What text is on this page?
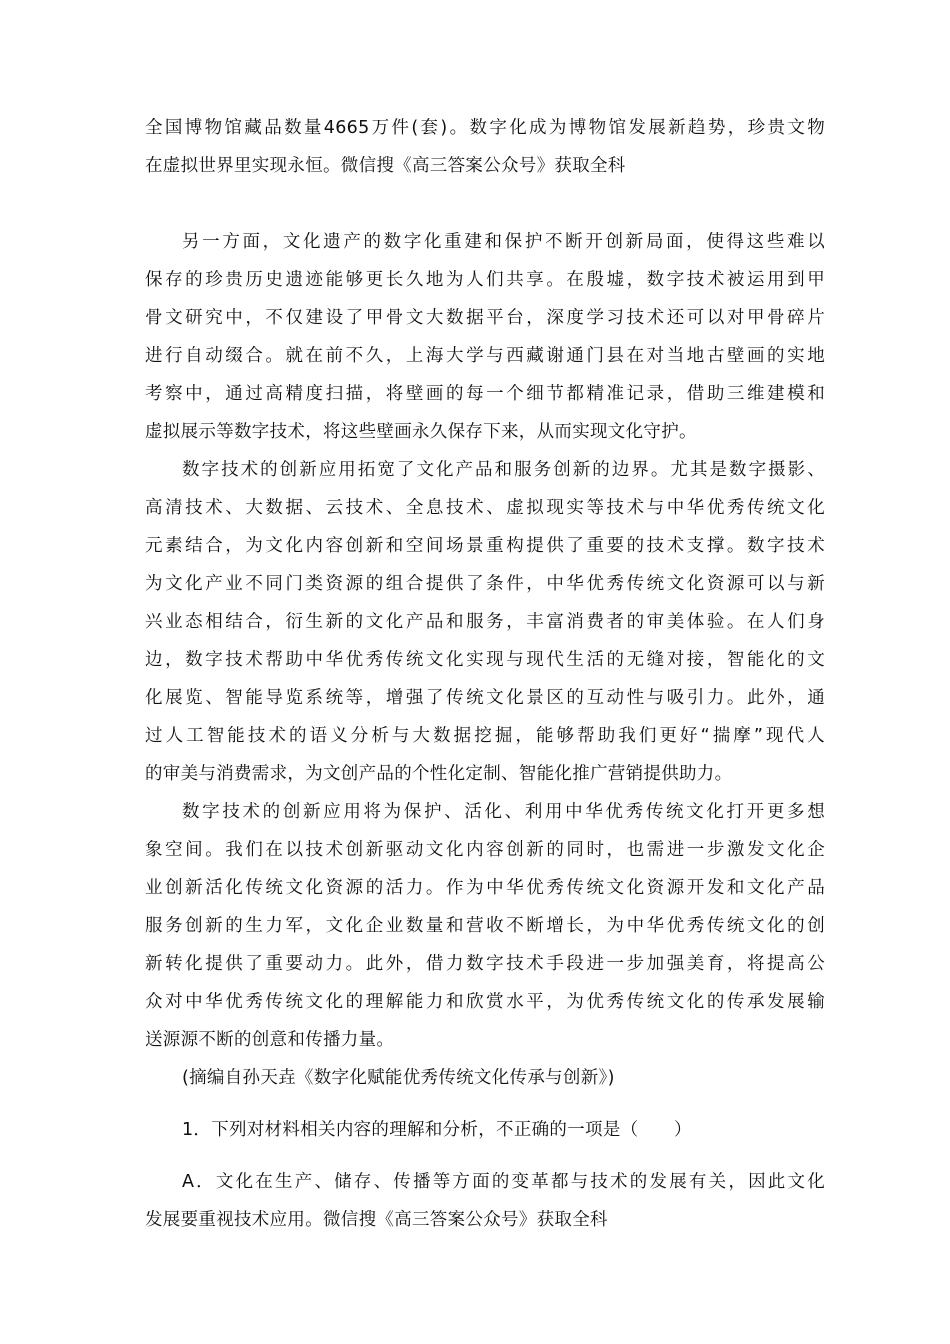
全国博物馆藏品数量4665万件(套)。数字化成为博物馆发展新趋势，珍贵文物
在虚拟世界里实现永恒。微信搜《高三答案公众号》获取全科
另一方面，文化遗产的数字化重建和保护不断开创新局面，使得这些难以
保存的珍贵历史遗迹能够更长久地为人们共享。在殷墟，数字技术被运用到甲
骨文研究中，不仅建设了甲骨文大数据平台，深度学习技术还可以对甲骨碎片
进行自动缀合。就在前不久，上海大学与西藏谢通门县在对当地古壁画的实地
考察中，通过高精度扫描，将壁画的每一个细节都精准记录，借助三维建模和
虚拟展示等数字技术，将这些壁画永久保存下来，从而实现文化守护。
数字技术的创新应用拓宽了文化产品和服务创新的边界。尤其是数字摄影、
高清技术、大数据、云技术、全息技术、虚拟现实等技术与中华优秀传统文化
元素结合，为文化内容创新和空间场景重构提供了重要的技术支撑。数字技术
为文化产业不同门类资源的组合提供了条件，中华优秀传统文化资源可以与新
兴业态相结合，衍生新的文化产品和服务，丰富消费者的审美体验。在人们身
边，数字技术帮助中华优秀传统文化实现与现代生活的无缝对接，智能化的文
化展览、智能导览系统等，增强了传统文化景区的互动性与吸引力。此外，通
过人工智能技术的语义分析与大数据挖掘，能够帮助我们更好“揣摩”现代人
的审美与消费需求，为文创产品的个性化定制、智能化推广营销提供助力。
数字技术的创新应用将为保护、活化、利用中华优秀传统文化打开更多想
象空间。我们在以技术创新驱动文化内容创新的同时，也需进一步激发文化企
业创新活化传统文化资源的活力。作为中华优秀传统文化资源开发和文化产品
服务创新的生力军，文化企业数量和营收不断增长，为中华优秀传统文化的创
新转化提供了重要动力。此外，借力数字技术手段进一步加强美育，将提高公
众对中华优秀传统文化的理解能力和欣赏水平，为优秀传统文化的传承发展输
送源源不断的创意和传播力量。
(摘编自孙天垚《数字化赋能优秀传统文化传承与创新》)
1．下列对材料相关内容的理解和分析，不正确的一项是（　　）
A．文化在生产、储存、传播等方面的变革都与技术的发展有关，因此文化
发展要重视技术应用。微信搜《高三答案公众号》获取全科
